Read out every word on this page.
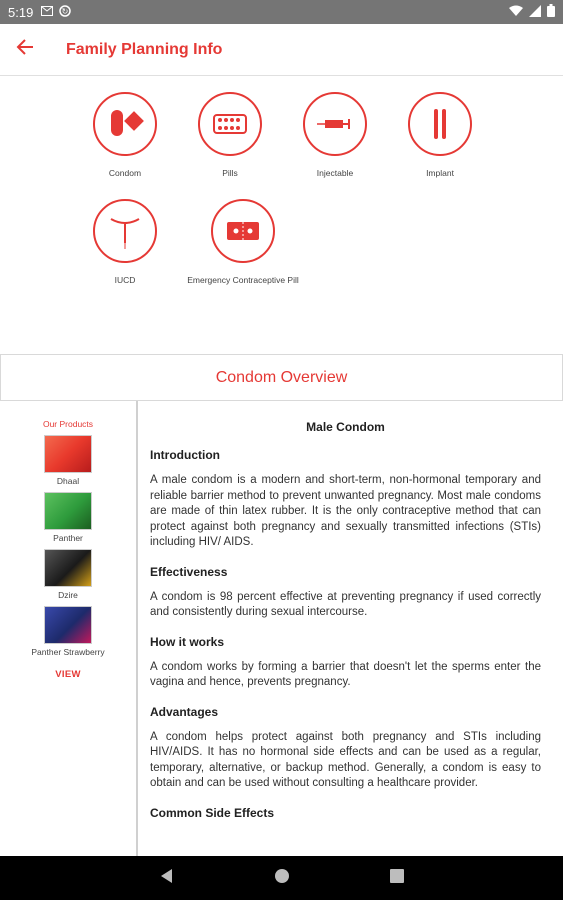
5:19	↻
Family Planning Info
Condom	Pills	Injectable	Implant
IUCD	Emergency Contraceptive Pill
Condom Overview
Our Products
Dhaal
Panther
Dzire
Panther Strawberry
VIEW
Male Condom
Introduction

A male condom is a modern and short-term, non-hormonal temporary and reliable barrier method to prevent unwanted pregnancy. Most male condoms are made of thin latex rubber. It is the only contraceptive method that can protect against both pregnancy and sexually transmitted infections (STIs) including HIV/ AIDS.

Effectiveness

A condom is 98 percent effective at preventing pregnancy if used correctly and consistently during sexual intercourse.

How it works

A condom works by forming a barrier that doesn't let the sperms enter the vagina and hence, prevents pregnancy.

Advantages

A condom helps protect against both pregnancy and STIs including HIV/AIDS. It has no hormonal side effects and can be used as a regular, temporary, alternative, or backup method. Generally, a condom is easy to obtain and can be used without consulting a healthcare provider.

Common Side Effects
